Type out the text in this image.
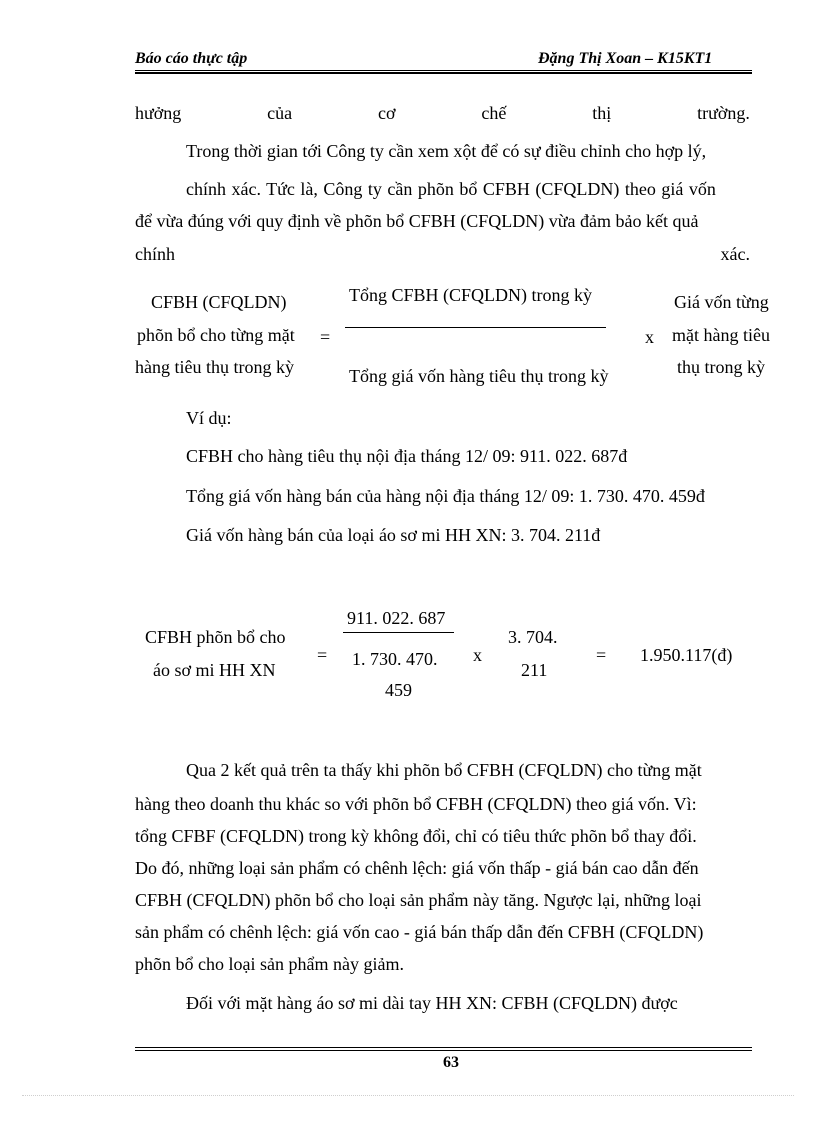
Báo cáo thực tập	Đặng Thị Xoan – K15KT1
hưởng	của	cơ	chế	thị	trường.
Trong thời gian tới Công ty cần xem xột để có sự điều chỉnh cho hợp lý,
chính xác. Tức là, Công ty cần phõn bổ CFBH (CFQLDN) theo giá vốn
để vừa đúng với quy định về phõn bổ CFBH (CFQLDN) vừa đảm bảo kết quả
chính	xác.
CFBH (CFQLDN)
phõn bổ cho từng mặt
hàng tiêu thụ trong kỳ
=
Tổng CFBH (CFQLDN) trong kỳ
Tổng giá vốn hàng tiêu thụ trong kỳ
x
Giá vốn từng
mặt hàng tiêu
thụ trong kỳ
Ví dụ:
CFBH cho hàng tiêu thụ nội địa tháng 12/ 09: 911. 022. 687đ
Tổng giá vốn hàng bán của hàng nội địa tháng 12/ 09: 1. 730. 470. 459đ
Giá vốn hàng bán của loại áo sơ mi HH XN: 3. 704. 211đ
CFBH phõn bổ cho
áo sơ mi HH XN
=
911. 022. 687
1. 730. 470.
459
x
3. 704.
211
= 1.950.117(đ)
Qua 2 kết quả trên ta thấy khi phõn bổ CFBH (CFQLDN) cho từng mặt
hàng theo doanh thu khác so với phõn bổ CFBH (CFQLDN) theo giá vốn. Vì:
tổng CFBF (CFQLDN) trong kỳ không đổi, chỉ có tiêu thức phõn bổ thay đổi.
Do đó, những loại sản phẩm có chênh lệch: giá vốn thấp - giá bán cao dẫn đến
CFBH (CFQLDN) phõn bổ cho loại sản phẩm này tăng. Ngược lại, những loại
sản phẩm có chênh lệch: giá vốn cao - giá bán thấp dẫn đến CFBH (CFQLDN)
phõn bổ cho loại sản phẩm này giảm.
Đối với mặt hàng áo sơ mi dài tay HH XN: CFBH (CFQLDN) được
63
